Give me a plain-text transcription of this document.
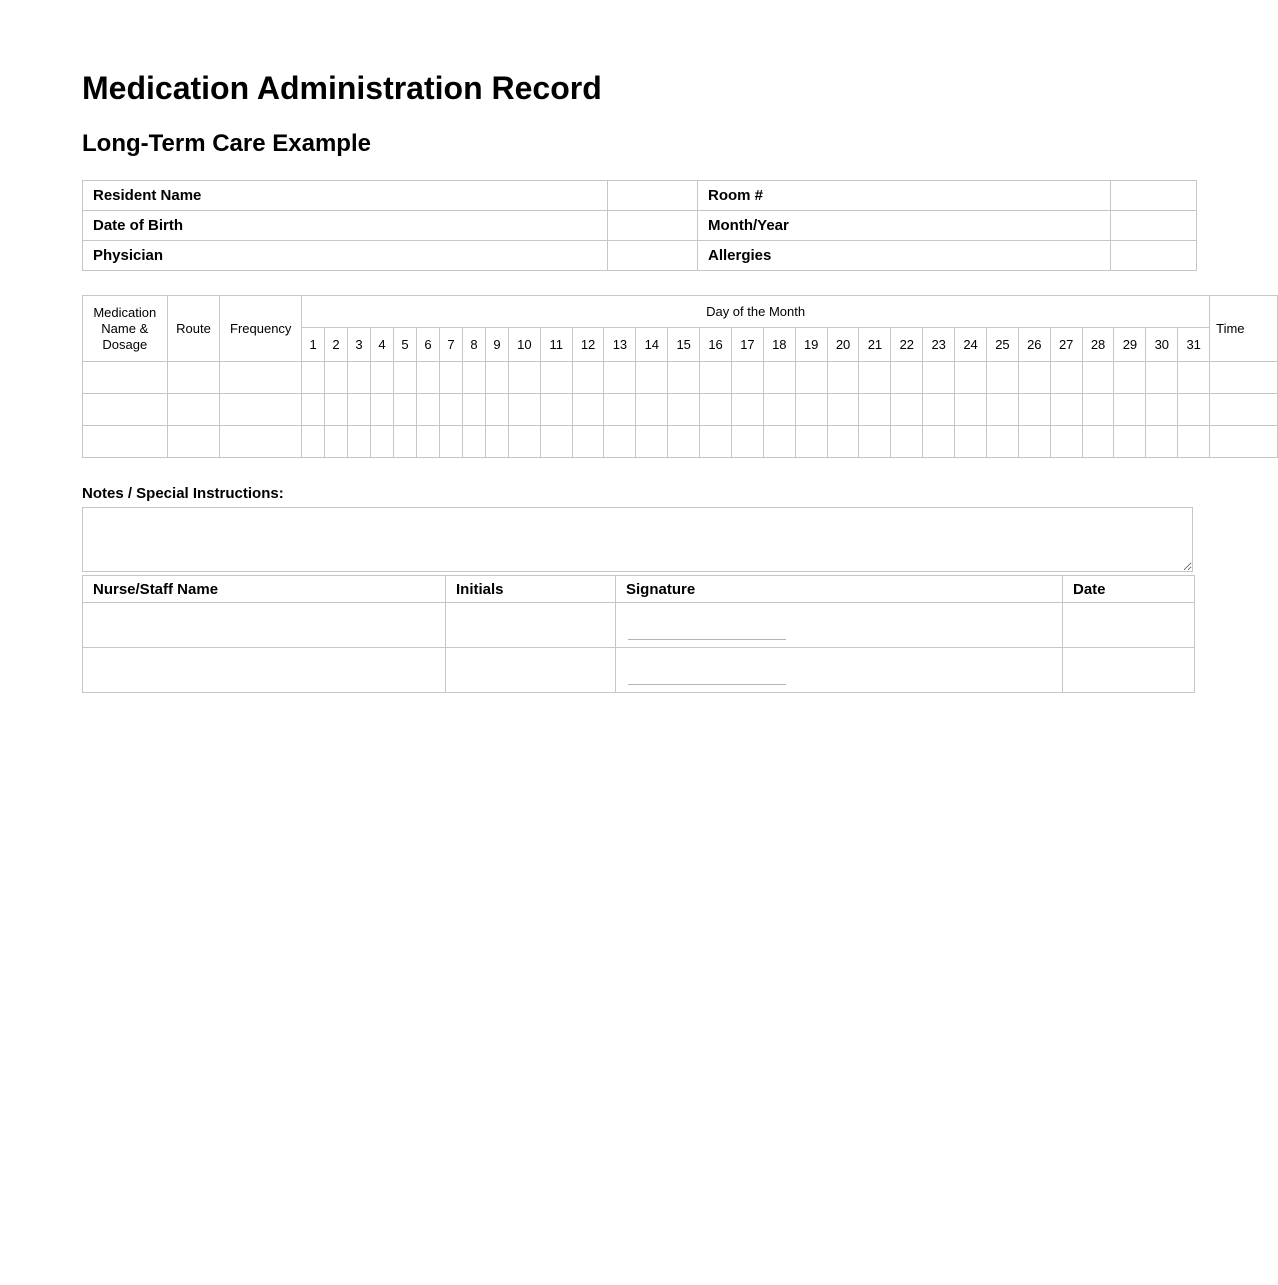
Medication Administration Record
Long-Term Care Example
Resident Name		Room #	
Date of Birth		Month/Year	
Physician		Allergies	
Medication Name & Dosage	Route	Frequency	Day of the Month																															Time
			1	2	3	4	5	6	7	8	9	10	11	12	13	14	15	16	17	18	19	20	21	22	23	24	25	26	27	28	29	30	31	

Notes / Special Instructions:
Nurse/Staff Name	Initials	Signature	Date
